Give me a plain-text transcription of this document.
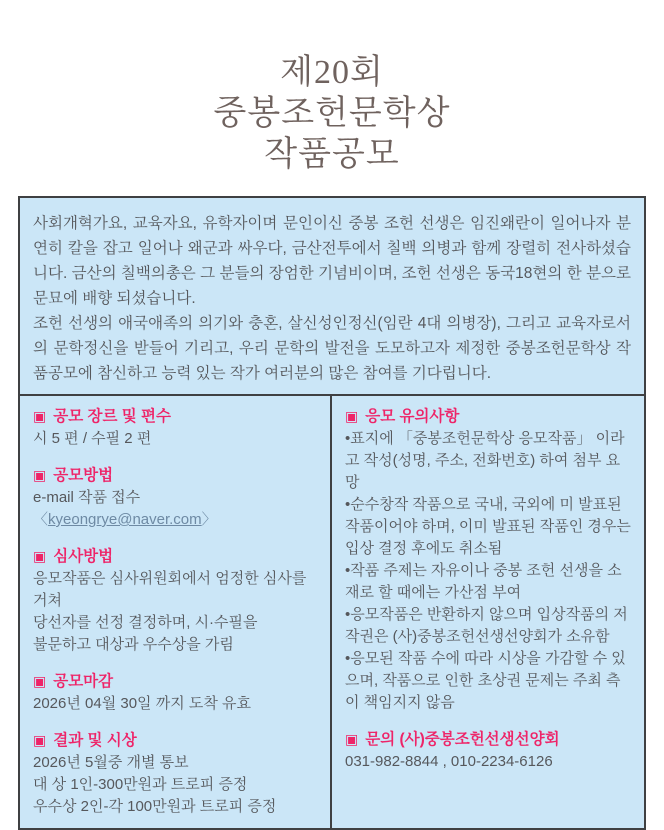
제20회
중봉조헌문학상
작품공모

사회개혁가요, 교육자요, 유학자이며 문인이신 중봉 조헌 선생은 임진왜란이 일어나자 분연히 칼을 잡고 일어나 왜군과 싸우다, 금산전투에서 칠백 의병과 함께 장렬히 전사하셨습니다. 금산의 칠백의총은 그 분들의 장엄한 기념비이며, 조헌 선생은 동국18현의 한 분으로 문묘에 배향 되셨습니다.

조헌 선생의 애국애족의 의기와 충혼, 살신성인정신(임란 4대 의병장), 그리고 교육자로서의 문학정신을 받들어 기리고, 우리 문학의 발전을 도모하고자 제정한 중봉조헌문학상 작품공모에 참신하고 능력 있는 작가 여러분의 많은 참여를 기다립니다.

▣ 공모 장르 및 편수

시 5 편 / 수필 2 편

▣ 공모방법

e-mail 작품 접수

〈kyeongrye@naver.com〉

▣ 심사방법

응모작품은 심사위원회에서 엄정한 심사를 거쳐

당선자를 선정 결정하며, 시·수필을

불문하고 대상과 우수상을 가림

▣ 공모마감

2026년 04월 30일 까지 도착 유효

▣ 결과 및 시상

2026년 5월중 개별 통보

대 상 1인-300만원과 트로피 증정

우수상 2인-각 100만원과 트로피 증정

▣ 응모 유의사항

•표지에 「중봉조헌문학상 응모작품」 이라고 작성(성명, 주소, 전화번호) 하여 첨부 요망

•순수창작 작품으로 국내, 국외에 미 발표된 작품이어야 하며, 이미 발표된 작품인 경우는 입상 결정 후에도 취소됨

•작품 주제는 자유이나 중봉 조헌 선생을 소재로 할 때에는 가산점 부여

•응모작품은 반환하지 않으며 입상작품의 저작권은 (사)중봉조헌선생선양회가 소유함

•응모된 작품 수에 따라 시상을 가감할 수 있으며, 작품으로 인한 초상권 문제는 주최 측이 책임지지 않음

▣ 문의 (사)중봉조헌선생선양회

031-982-8844 , 010-2234-6126
